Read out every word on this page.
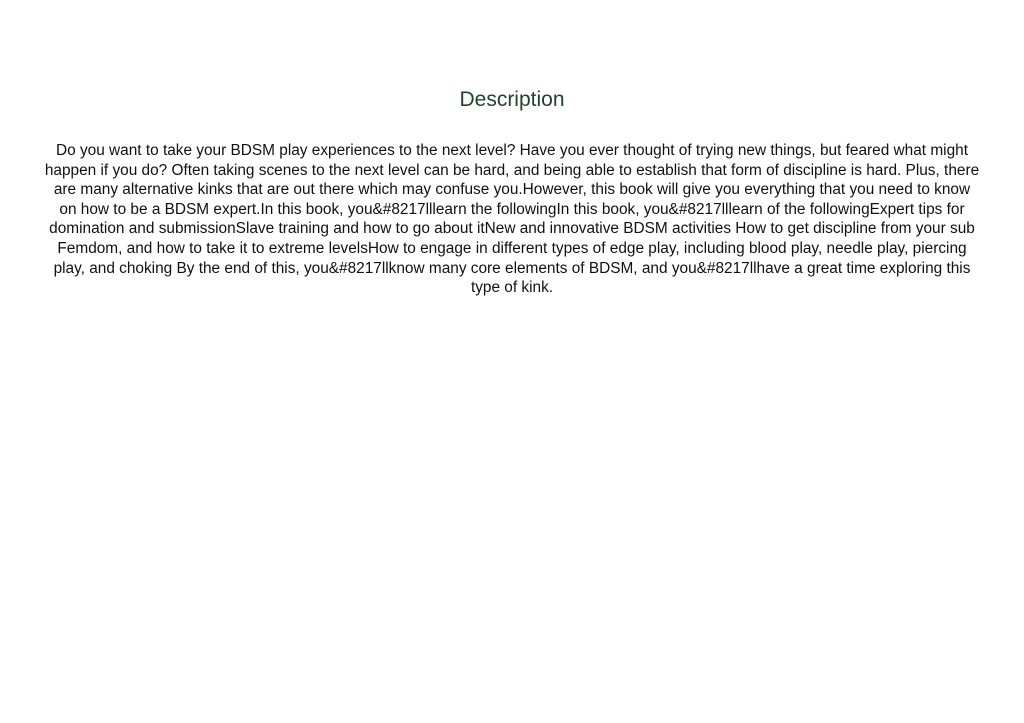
Description
Do you want to take your BDSM play experiences to the next level? Have you ever thought of trying new things, but feared what might happen if you do? Often taking scenes to the next level can be hard, and being able to establish that form of discipline is hard. Plus, there are many alternative kinks that are out there which may confuse you.However, this book will give you everything that you need to know on how to be a BDSM expert.In this book, you&#8217lllearn the followingIn this book, you&#8217lllearn of the followingExpert tips for domination and submissionSlave training and how to go about itNew and innovative BDSM activities How to get discipline from your sub Femdom, and how to take it to extreme levelsHow to engage in different types of edge play, including blood play, needle play, piercing play, and choking By the end of this, you&#8217llknow many core elements of BDSM, and you&#8217llhave a great time exploring this type of kink.
